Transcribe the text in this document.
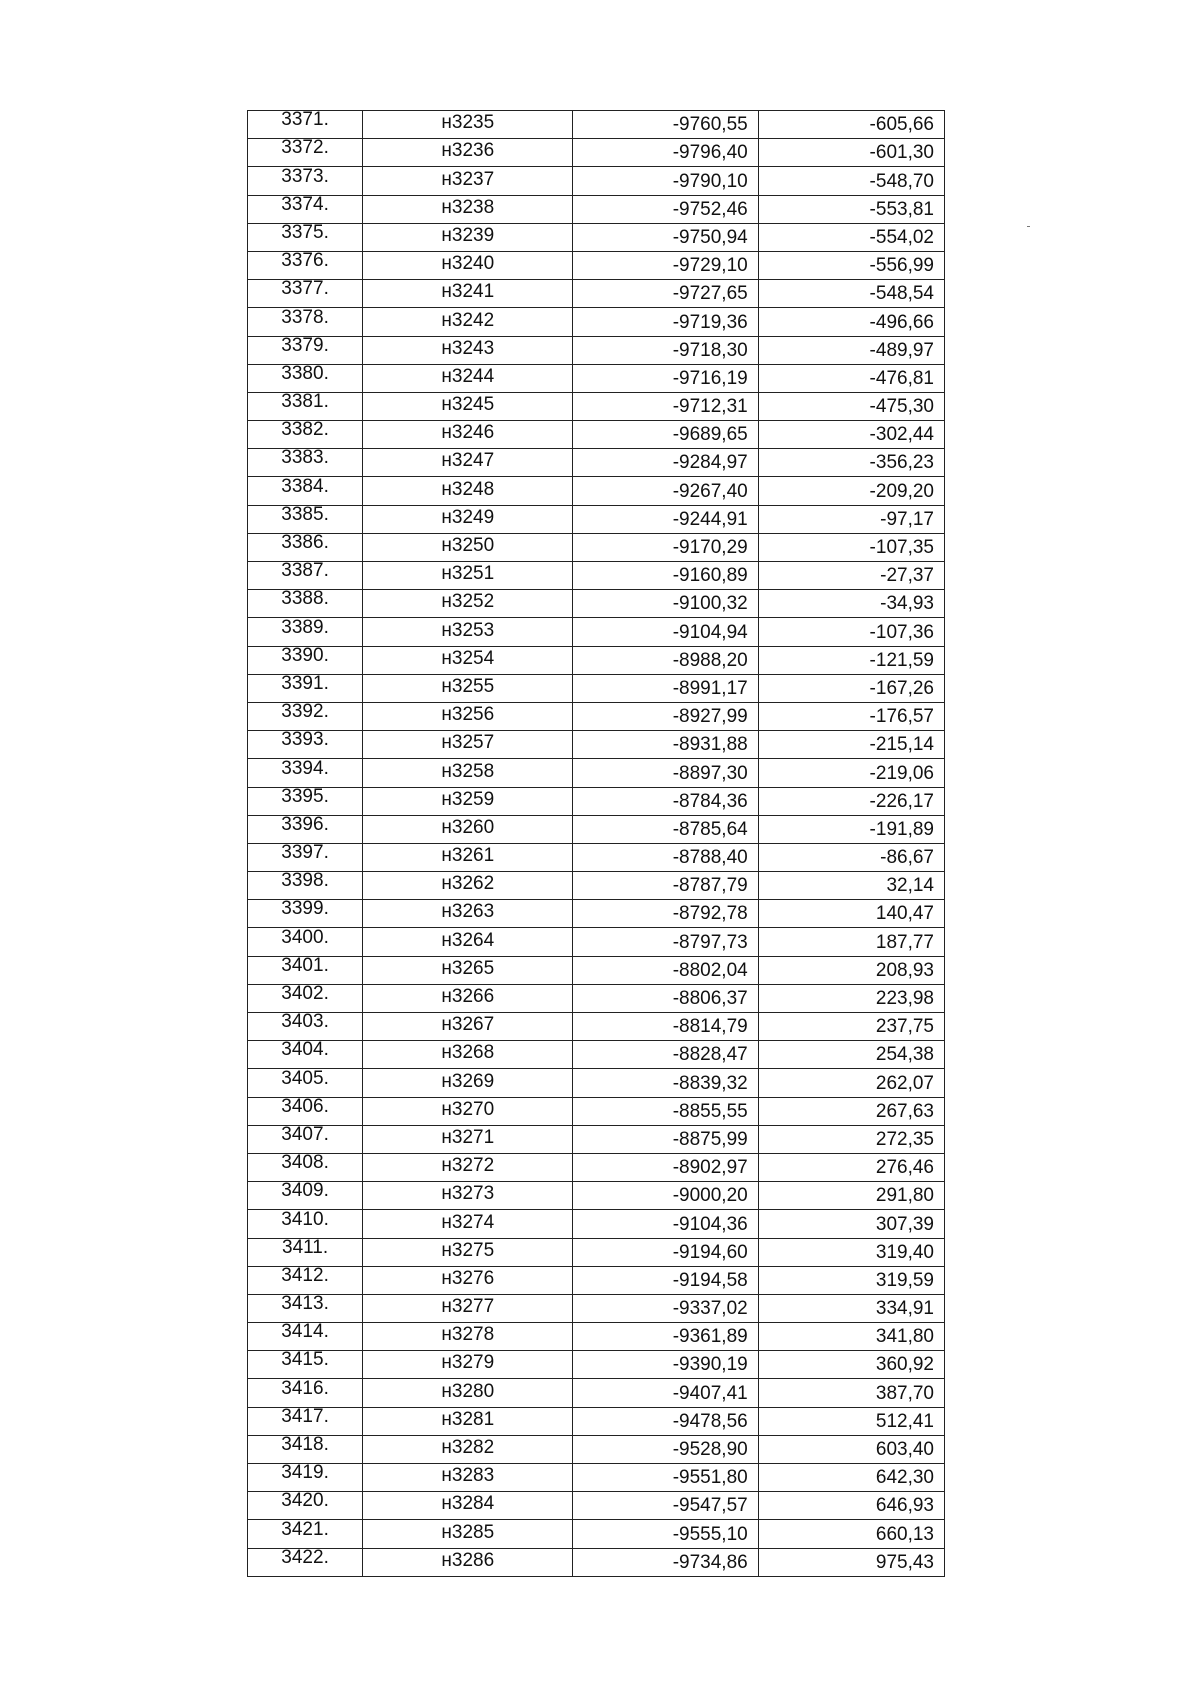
3371.	н3235	-9760,55	-605,66
3372.	н3236	-9796,40	-601,30
3373.	н3237	-9790,10	-548,70
3374.	н3238	-9752,46	-553,81
3375.	н3239	-9750,94	-554,02
3376.	н3240	-9729,10	-556,99
3377.	н3241	-9727,65	-548,54
3378.	н3242	-9719,36	-496,66
3379.	н3243	-9718,30	-489,97
3380.	н3244	-9716,19	-476,81
3381.	н3245	-9712,31	-475,30
3382.	н3246	-9689,65	-302,44
3383.	н3247	-9284,97	-356,23
3384.	н3248	-9267,40	-209,20
3385.	н3249	-9244,91	-97,17
3386.	н3250	-9170,29	-107,35
3387.	н3251	-9160,89	-27,37
3388.	н3252	-9100,32	-34,93
3389.	н3253	-9104,94	-107,36
3390.	н3254	-8988,20	-121,59
3391.	н3255	-8991,17	-167,26
3392.	н3256	-8927,99	-176,57
3393.	н3257	-8931,88	-215,14
3394.	н3258	-8897,30	-219,06
3395.	н3259	-8784,36	-226,17
3396.	н3260	-8785,64	-191,89
3397.	н3261	-8788,40	-86,67
3398.	н3262	-8787,79	32,14
3399.	н3263	-8792,78	140,47
3400.	н3264	-8797,73	187,77
3401.	н3265	-8802,04	208,93
3402.	н3266	-8806,37	223,98
3403.	н3267	-8814,79	237,75
3404.	н3268	-8828,47	254,38
3405.	н3269	-8839,32	262,07
3406.	н3270	-8855,55	267,63
3407.	н3271	-8875,99	272,35
3408.	н3272	-8902,97	276,46
3409.	н3273	-9000,20	291,80
3410.	н3274	-9104,36	307,39
3411.	н3275	-9194,60	319,40
3412.	н3276	-9194,58	319,59
3413.	н3277	-9337,02	334,91
3414.	н3278	-9361,89	341,80
3415.	н3279	-9390,19	360,92
3416.	н3280	-9407,41	387,70
3417.	н3281	-9478,56	512,41
3418.	н3282	-9528,90	603,40
3419.	н3283	-9551,80	642,30
3420.	н3284	-9547,57	646,93
3421.	н3285	-9555,10	660,13
3422.	н3286	-9734,86	975,43
